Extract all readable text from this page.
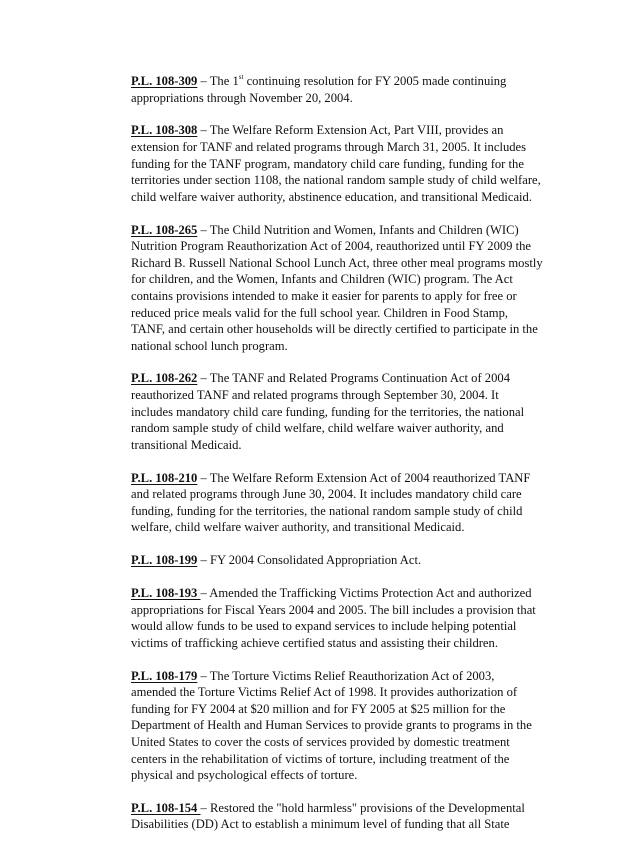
P.L. 108-309 – The 1st continuing resolution for FY 2005 made continuing
appropriations through November 20, 2004.
P.L. 108-308 – The Welfare Reform Extension Act, Part VIII, provides an
extension for TANF and related programs through March 31, 2005. It includes
funding for the TANF program, mandatory child care funding, funding for the
territories under section 1108, the national random sample study of child welfare,
child welfare waiver authority, abstinence education, and transitional Medicaid.
P.L. 108-265 – The Child Nutrition and Women, Infants and Children (WIC)
Nutrition Program Reauthorization Act of 2004, reauthorized until FY 2009 the
Richard B. Russell National School Lunch Act, three other meal programs mostly
for children, and the Women, Infants and Children (WIC) program. The Act
contains provisions intended to make it easier for parents to apply for free or
reduced price meals valid for the full school year. Children in Food Stamp,
TANF, and certain other households will be directly certified to participate in the
national school lunch program.
P.L. 108-262 – The TANF and Related Programs Continuation Act of 2004
reauthorized TANF and related programs through September 30, 2004. It
includes mandatory child care funding, funding for the territories, the national
random sample study of child welfare, child welfare waiver authority, and
transitional Medicaid.
P.L. 108-210 – The Welfare Reform Extension Act of 2004 reauthorized TANF
and related programs through June 30, 2004. It includes mandatory child care
funding, funding for the territories, the national random sample study of child
welfare, child welfare waiver authority, and transitional Medicaid.
P.L. 108-199 – FY 2004 Consolidated Appropriation Act.
P.L. 108-193 – Amended the Trafficking Victims Protection Act and authorized
appropriations for Fiscal Years 2004 and 2005. The bill includes a provision that
would allow funds to be used to expand services to include helping potential
victims of trafficking achieve certified status and assisting their children.
P.L. 108-179 – The Torture Victims Relief Reauthorization Act of 2003,
amended the Torture Victims Relief Act of 1998. It provides authorization of
funding for FY 2004 at $20 million and for FY 2005 at $25 million for the
Department of Health and Human Services to provide grants to programs in the
United States to cover the costs of services provided by domestic treatment
centers in the rehabilitation of victims of torture, including treatment of the
physical and psychological effects of torture.
P.L. 108-154 – Restored the "hold harmless" provisions of the Developmental
Disabilities (DD) Act to establish a minimum level of funding that all State
